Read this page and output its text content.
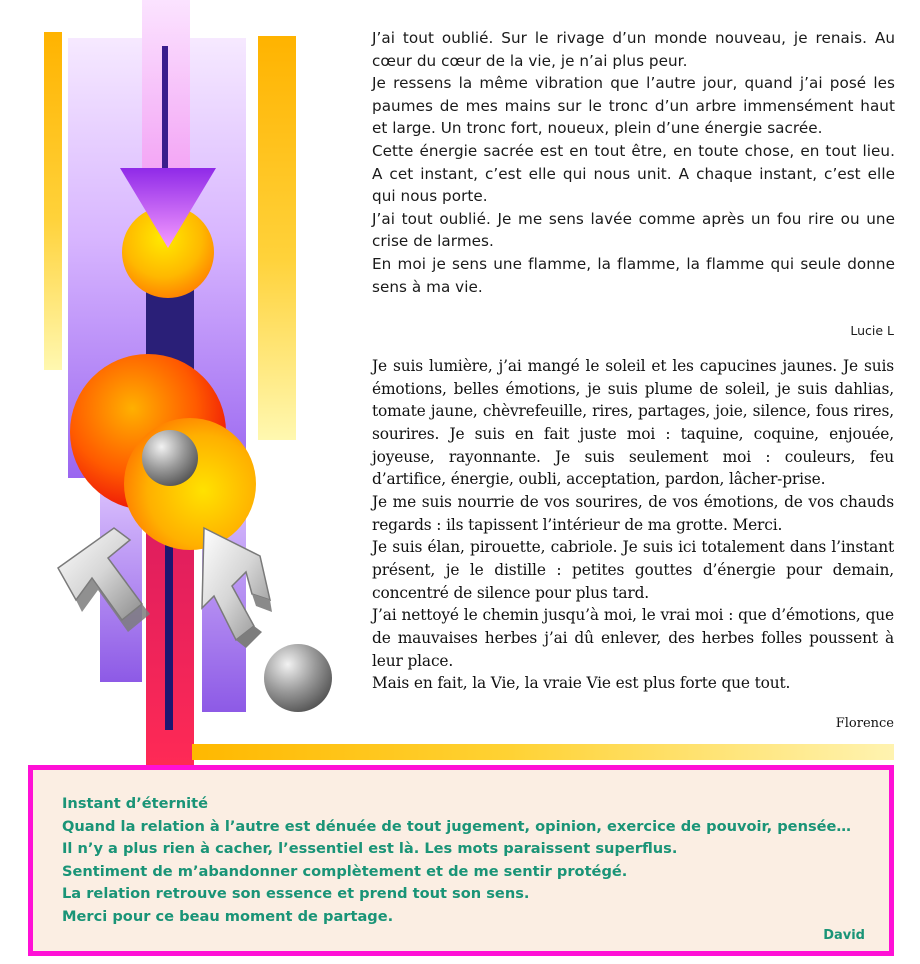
J’ai tout oublié. Sur le rivage d’un monde nouveau, je renais. Au cœur du cœur de la vie, je n’ai plus peur.

Je ressens la même vibration que l’autre jour, quand j’ai posé les paumes de mes mains sur le tronc d’un arbre immensément haut et large. Un tronc fort, noueux, plein d’une énergie sacrée.

Cette énergie sacrée est en tout être, en toute chose, en tout lieu. A cet instant, c’est elle qui nous unit. A chaque instant, c’est elle qui nous porte.

J’ai tout oublié. Je me sens lavée comme après un fou rire ou une crise de larmes.

En moi je sens une flamme, la flamme, la flamme qui seule donne sens à ma vie.

Lucie L

Je suis lumière, j’ai mangé le soleil et les capucines jaunes. Je suis émotions, belles émotions, je suis plume de soleil, je suis dahlias, tomate jaune, chèvrefeuille, rires, partages, joie, silence, fous rires, sourires. Je suis en fait juste moi : taquine, coquine, enjouée, joyeuse, rayonnante. Je suis seulement moi : couleurs, feu d’artifice, énergie, oubli, acceptation, pardon, lâcher-prise.

Je me suis nourrie de vos sourires, de vos émotions, de vos chauds regards : ils tapissent l’intérieur de ma grotte. Merci.

Je suis élan, pirouette, cabriole. Je suis ici totalement dans l’instant présent, je le distille : petites gouttes d’énergie pour demain, concentré de silence pour plus tard.

J’ai nettoyé le chemin jusqu’à moi, le vrai moi : que d’émotions, que de mauvaises herbes j’ai dû enlever, des herbes folles poussent à leur place.

Mais en fait, la Vie, la vraie Vie est plus forte que tout.

Florence
Instant d’éternité
Quand la relation à l’autre est dénuée de tout jugement, opinion, exercice de pouvoir, pensée…
Il n’y a plus rien à cacher, l’essentiel est là. Les mots paraissent superflus.
Sentiment de m’abandonner complètement et de me sentir protégé.
La relation retrouve son essence et prend tout son sens.
Merci pour ce beau moment de partage.
David
